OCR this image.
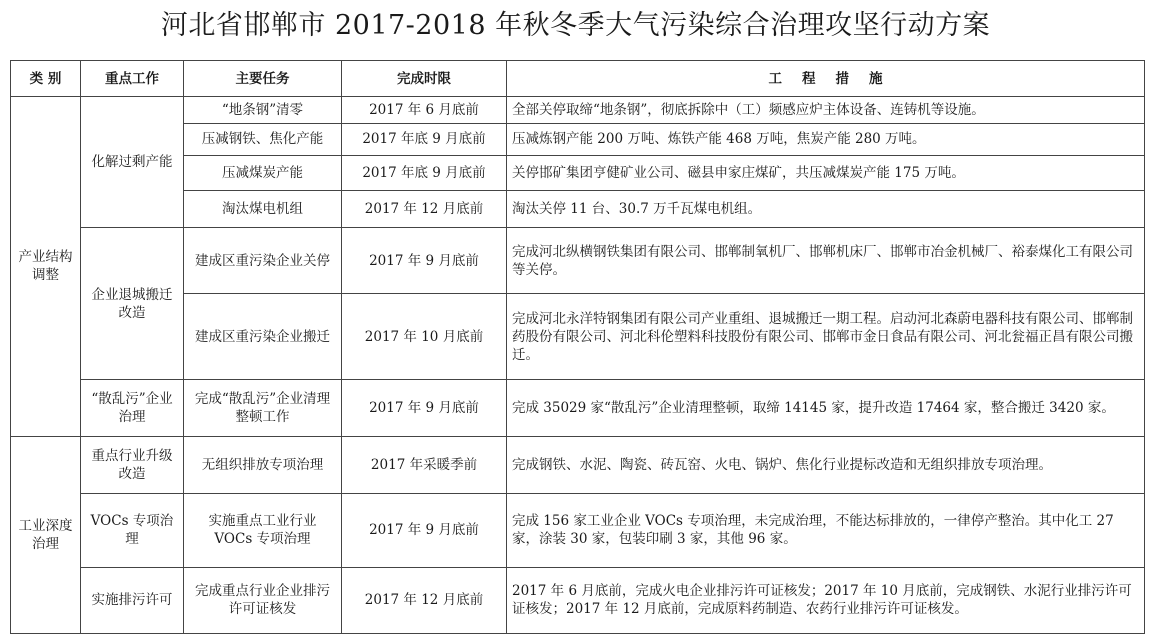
河北省邯郸市 2017-2018 年秋冬季大气污染综合治理攻坚行动方案
类 别	重点工作	主要任务	完成时限	工程措施
产业结构调整	化解过剩产能	“地条钢”清零	2017 年 6 月底前	全部关停取缔“地条钢”，彻底拆除中（工）频感应炉主体设备、连铸机等设施。
		压减钢铁、焦化产能	2017 年底 9 月底前	压减炼钢产能 200 万吨、炼铁产能 468 万吨，焦炭产能 280 万吨。
		压减煤炭产能	2017 年底 9 月底前	关停邯矿集团亨健矿业公司、磁县申家庄煤矿，共压减煤炭产能 175 万吨。
		淘汰煤电机组	2017 年 12 月底前	淘汰关停 11 台、30.7 万千瓦煤电机组。
	企业退城搬迁改造	建成区重污染企业关停	2017 年 9 月底前	完成河北纵横钢铁集团有限公司、邯郸制氧机厂、邯郸机床厂、邯郸市冶金机械厂、裕泰煤化工有限公司等关停。
		建成区重污染企业搬迁	2017 年 10 月底前	完成河北永洋特钢集团有限公司产业重组、退城搬迁一期工程。启动河北森蔚电器科技有限公司、邯郸制药股份有限公司、河北科伦塑料科技股份有限公司、邯郸市金日食品有限公司、河北瓮福正昌有限公司搬迁。
	“散乱污”企业治理	完成“散乱污”企业清理整顿工作	2017 年 9 月底前	完成 35029 家“散乱污”企业清理整顿，取缔 14145 家，提升改造 17464 家，整合搬迁 3420 家。
工业深度治理	重点行业升级改造	无组织排放专项治理	2017 年采暖季前	完成钢铁、水泥、陶瓷、砖瓦窑、火电、锅炉、焦化行业提标改造和无组织排放专项治理。
	VOCs 专项治理	实施重点工业行业 VOCs 专项治理	2017 年 9 月底前	完成 156 家工业企业 VOCs 专项治理，未完成治理，不能达标排放的，一律停产整治。其中化工 27 家，涂装 30 家，包装印刷 3 家，其他 96 家。
	实施排污许可	完成重点行业企业排污许可证核发	2017 年 12 月底前	2017 年 6 月底前，完成火电企业排污许可证核发；2017 年 10 月底前，完成钢铁、水泥行业排污许可证核发；2017 年 12 月底前，完成原料药制造、农药行业排污许可证核发。
